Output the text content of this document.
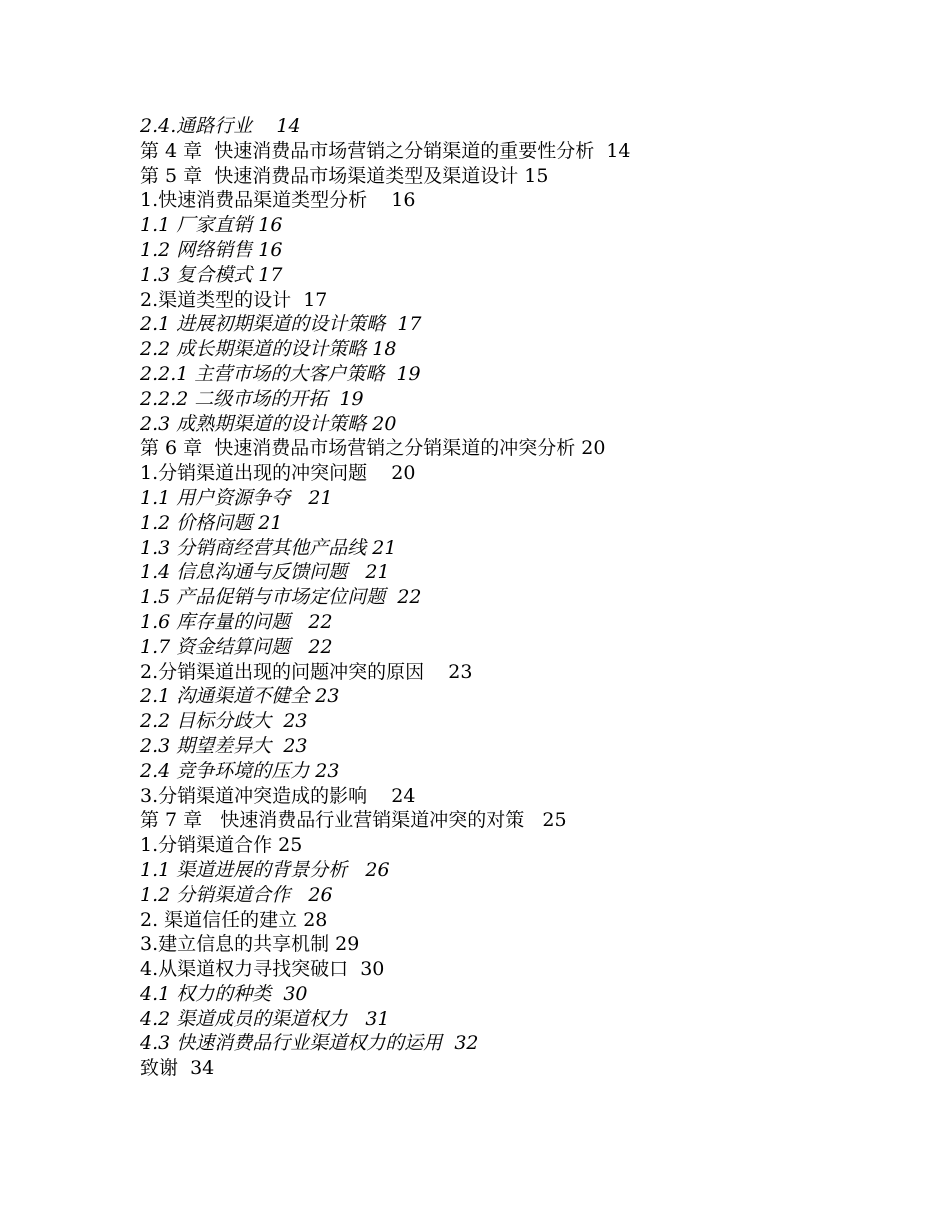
2.4.通路行业    14
第 4 章  快速消费品市场营销之分销渠道的重要性分析  14
第 5 章  快速消费品市场渠道类型及渠道设计 15
1.快速消费品渠道类型分析    16
1.1 厂家直销 16
1.2 网络销售 16
1.3 复合模式 17
2.渠道类型的设计  17
2.1 进展初期渠道的设计策略  17
2.2 成长期渠道的设计策略 18
2.2.1 主营市场的大客户策略  19
2.2.2 二级市场的开拓  19
2.3 成熟期渠道的设计策略 20
第 6 章  快速消费品市场营销之分销渠道的冲突分析 20
1.分销渠道出现的冲突问题    20
1.1 用户资源争夺   21
1.2 价格问题 21
1.3 分销商经营其他产品线 21
1.4 信息沟通与反馈问题   21
1.5 产品促销与市场定位问题  22
1.6 库存量的问题   22
1.7 资金结算问题   22
2.分销渠道出现的问题冲突的原因    23
2.1 沟通渠道不健全 23
2.2 目标分歧大  23
2.3 期望差异大  23
2.4 竞争环境的压力 23
3.分销渠道冲突造成的影响    24
第 7 章   快速消费品行业营销渠道冲突的对策   25
1.分销渠道合作 25
1.1 渠道进展的背景分析   26
1.2 分销渠道合作   26
2. 渠道信任的建立 28
3.建立信息的共享机制 29
4.从渠道权力寻找突破口  30
4.1 权力的种类  30
4.2 渠道成员的渠道权力   31
4.3 快速消费品行业渠道权力的运用  32
致谢  34
